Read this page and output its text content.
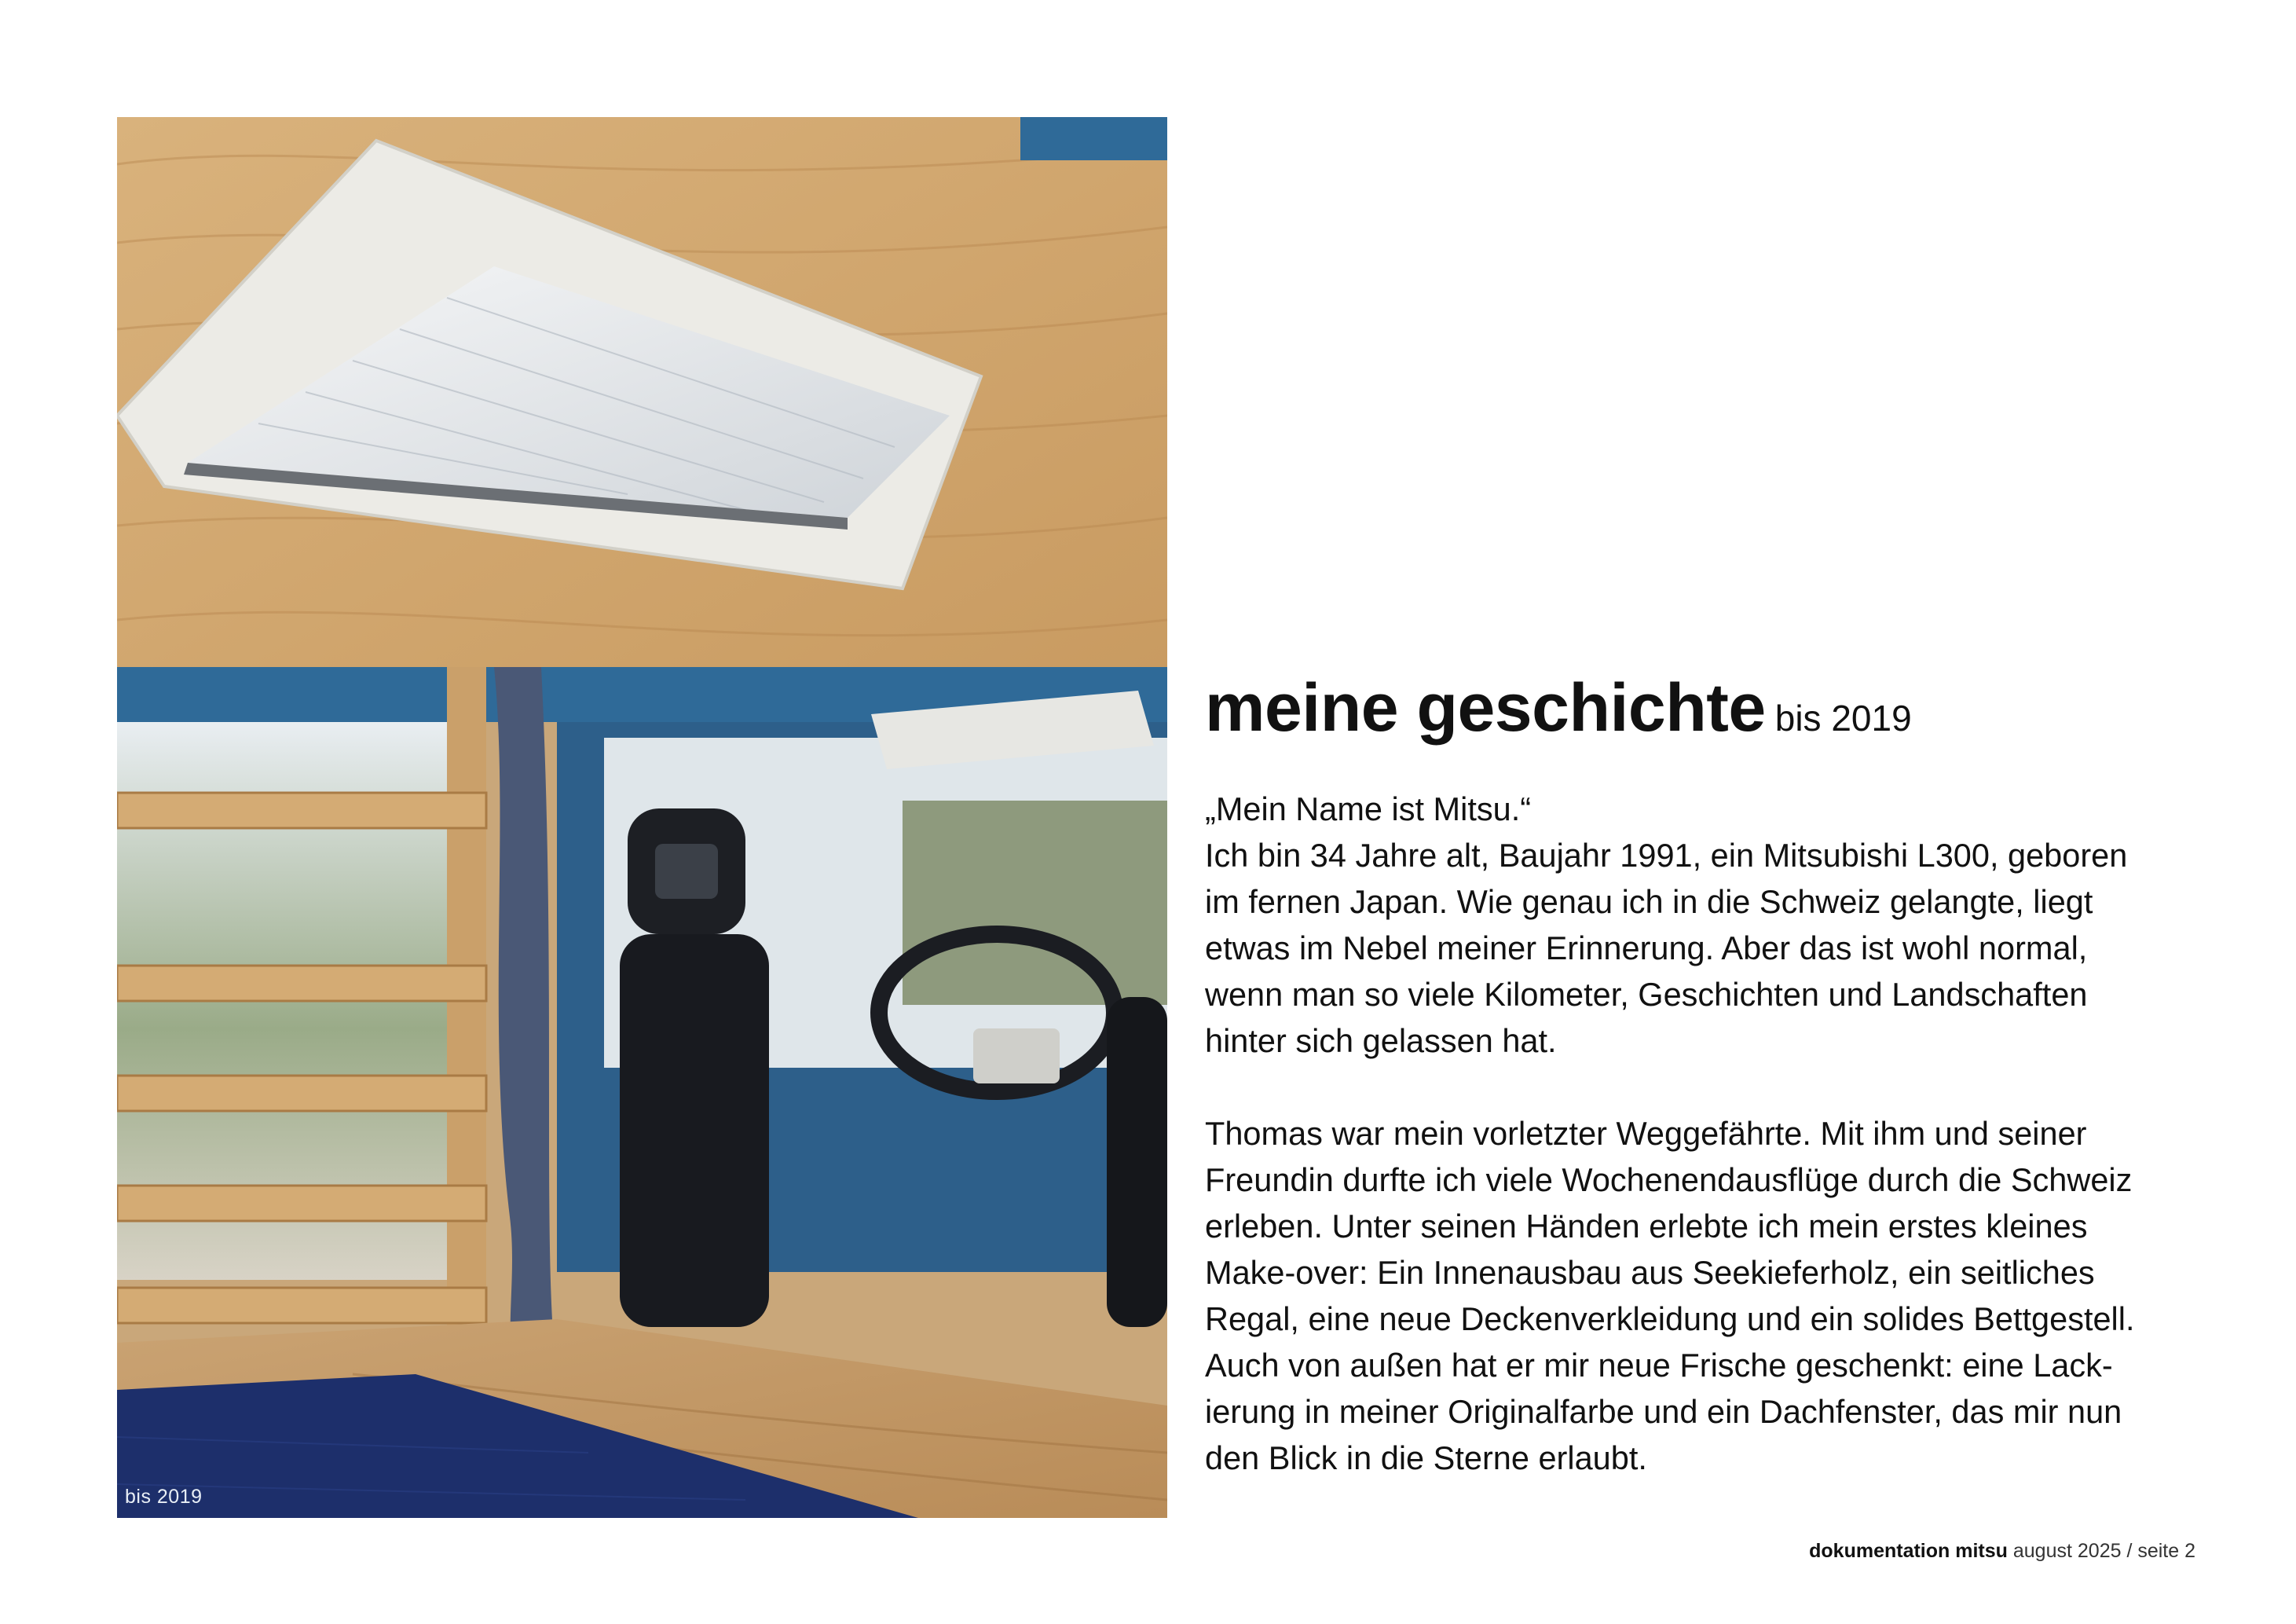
bis 2019
meine geschichte bis 2019

„Mein Name ist Mitsu.“
Ich bin 34 Jahre alt, Baujahr 1991, ein Mitsubishi L300, geboren
im fernen Japan. Wie genau ich in die Schweiz gelangte, liegt
etwas im Nebel meiner Erinnerung. Aber das ist wohl normal,
wenn man so viele Kilometer, Geschichten und Landschaften
hinter sich gelassen hat.

Thomas war mein vorletzter Weggefährte. Mit ihm und seiner
Freundin durfte ich viele Wochenendausflüge durch die Schweiz
erleben. Unter seinen Händen erlebte ich mein erstes kleines
Make-over: Ein Innenausbau aus Seekieferholz, ein seitliches
Regal, eine neue Deckenverkleidung und ein solides Bettgestell.
Auch von außen hat er mir neue Frische geschenkt: eine Lack-
ierung in meiner Originalfarbe und ein Dachfenster, das mir nun
den Blick in die Sterne erlaubt.

dokumentation mitsu august 2025 / seite 2
